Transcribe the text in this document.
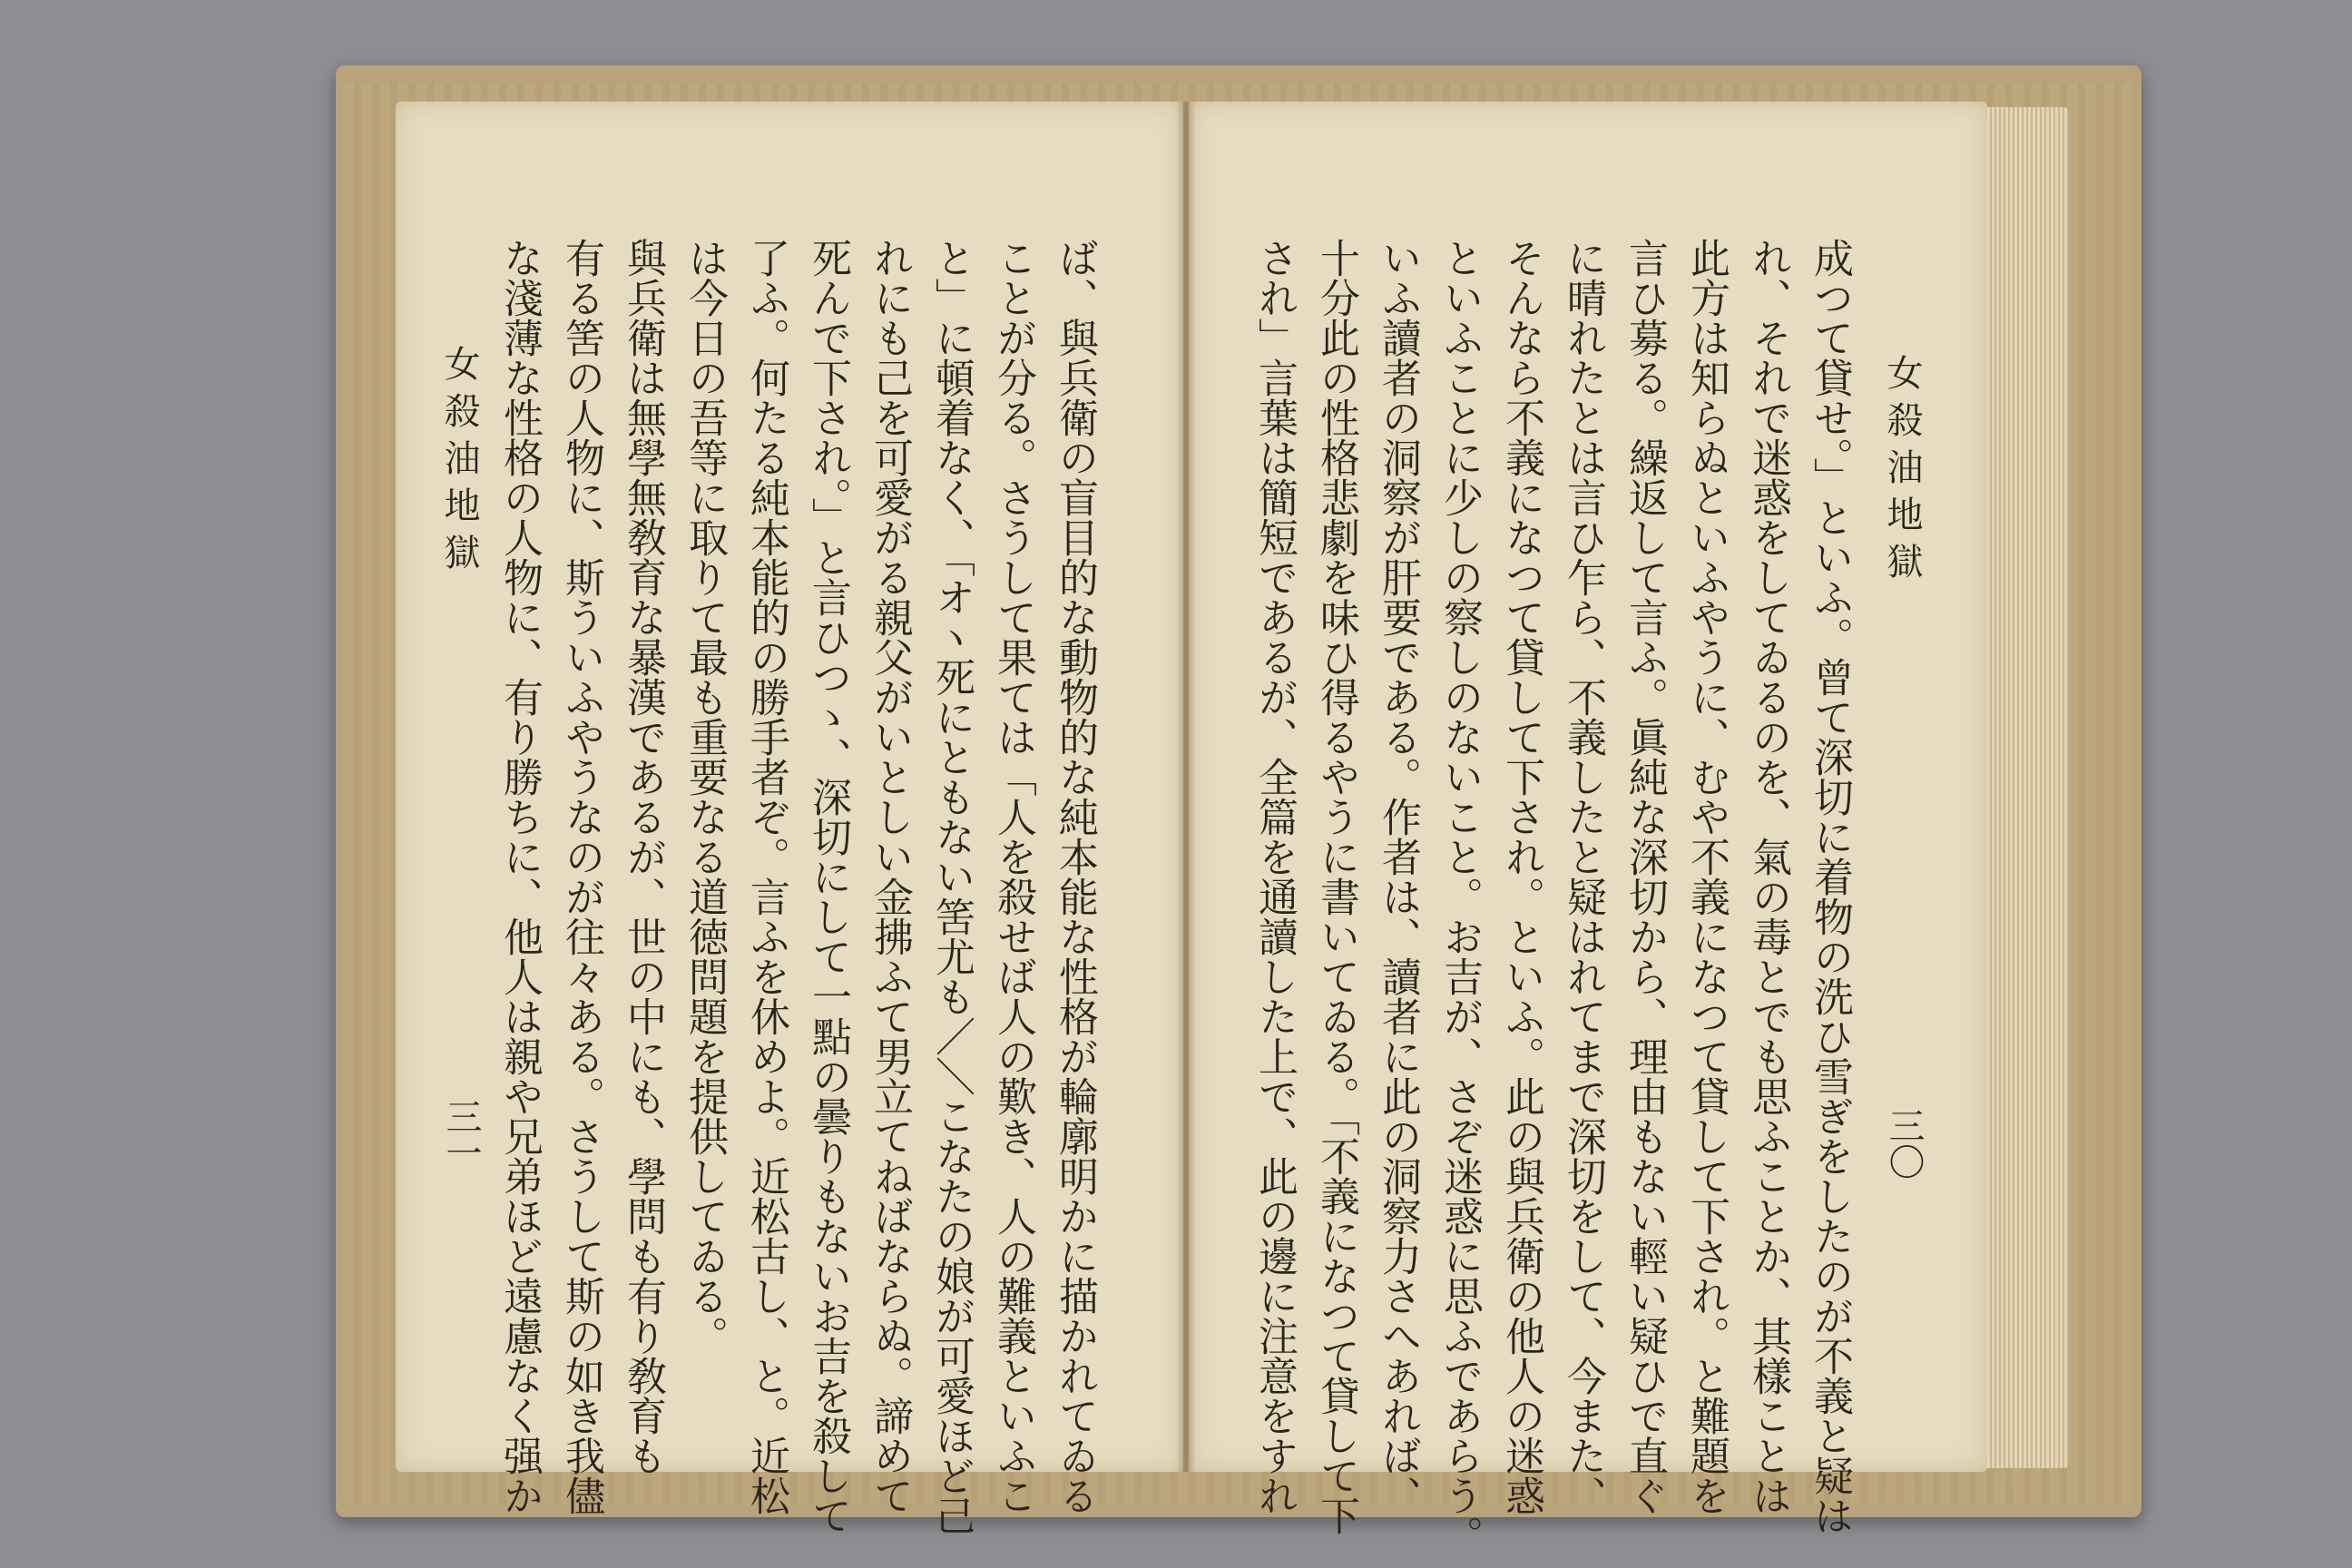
女殺油地獄
三〇
成つて貸せ。」といふ。曾て深切に着物の洗ひ雪ぎをしたのが不義と疑は
れ、それで迷惑をしてゐるのを、氣の毒とでも思ふことか、其樣ことは
此方は知らぬといふやうに、むや不義になつて貸して下され。と難題を
言ひ募る。繰返して言ふ。眞純な深切から、理由もない輕い疑ひで直ぐ
に晴れたとは言ひ乍ら、不義したと疑はれてまで深切をして、今また、
そんなら不義になつて貸して下され。といふ。此の與兵衛の他人の迷惑
といふことに少しの察しのないこと。お吉が、さぞ迷惑に思ふであらう。
いふ讀者の洞察が肝要である。作者は、讀者に此の洞察力さへあれば、
十分此の性格悲劇を味ひ得るやうに書いてゐる。「不義になつて貸して下
され」言葉は簡短であるが、全篇を通讀した上で、此の邊に注意をすれ
ば、與兵衛の盲目的な動物的な純本能な性格が輪廓明かに描かれてゐる
ことが分る。さうして果ては「人を殺せば人の歎き、人の難義といふこ
と」に頓着なく、「オヽ死にともない筈尤も／＼こなたの娘が可愛ほど己
れにも己を可愛がる親父がいとしい金拂ふて男立てねばならぬ。諦めて
死んで下され。」と言ひつゝ、深切にして一點の曇りもないお吉を殺して
了ふ。何たる純本能的の勝手者ぞ。言ふを休めよ。近松古し、と。近松
は今日の吾等に取りて最も重要なる道徳問題を提供してゐる。
與兵衛は無學無敎育な暴漢であるが、世の中にも、學問も有り敎育も
有る筈の人物に、斯ういふやうなのが往々ある。さうして斯の如き我儘
な淺薄な性格の人物に、有り勝ちに、他人は親や兄弟ほど遠慮なく强か
女殺油地獄
三一
